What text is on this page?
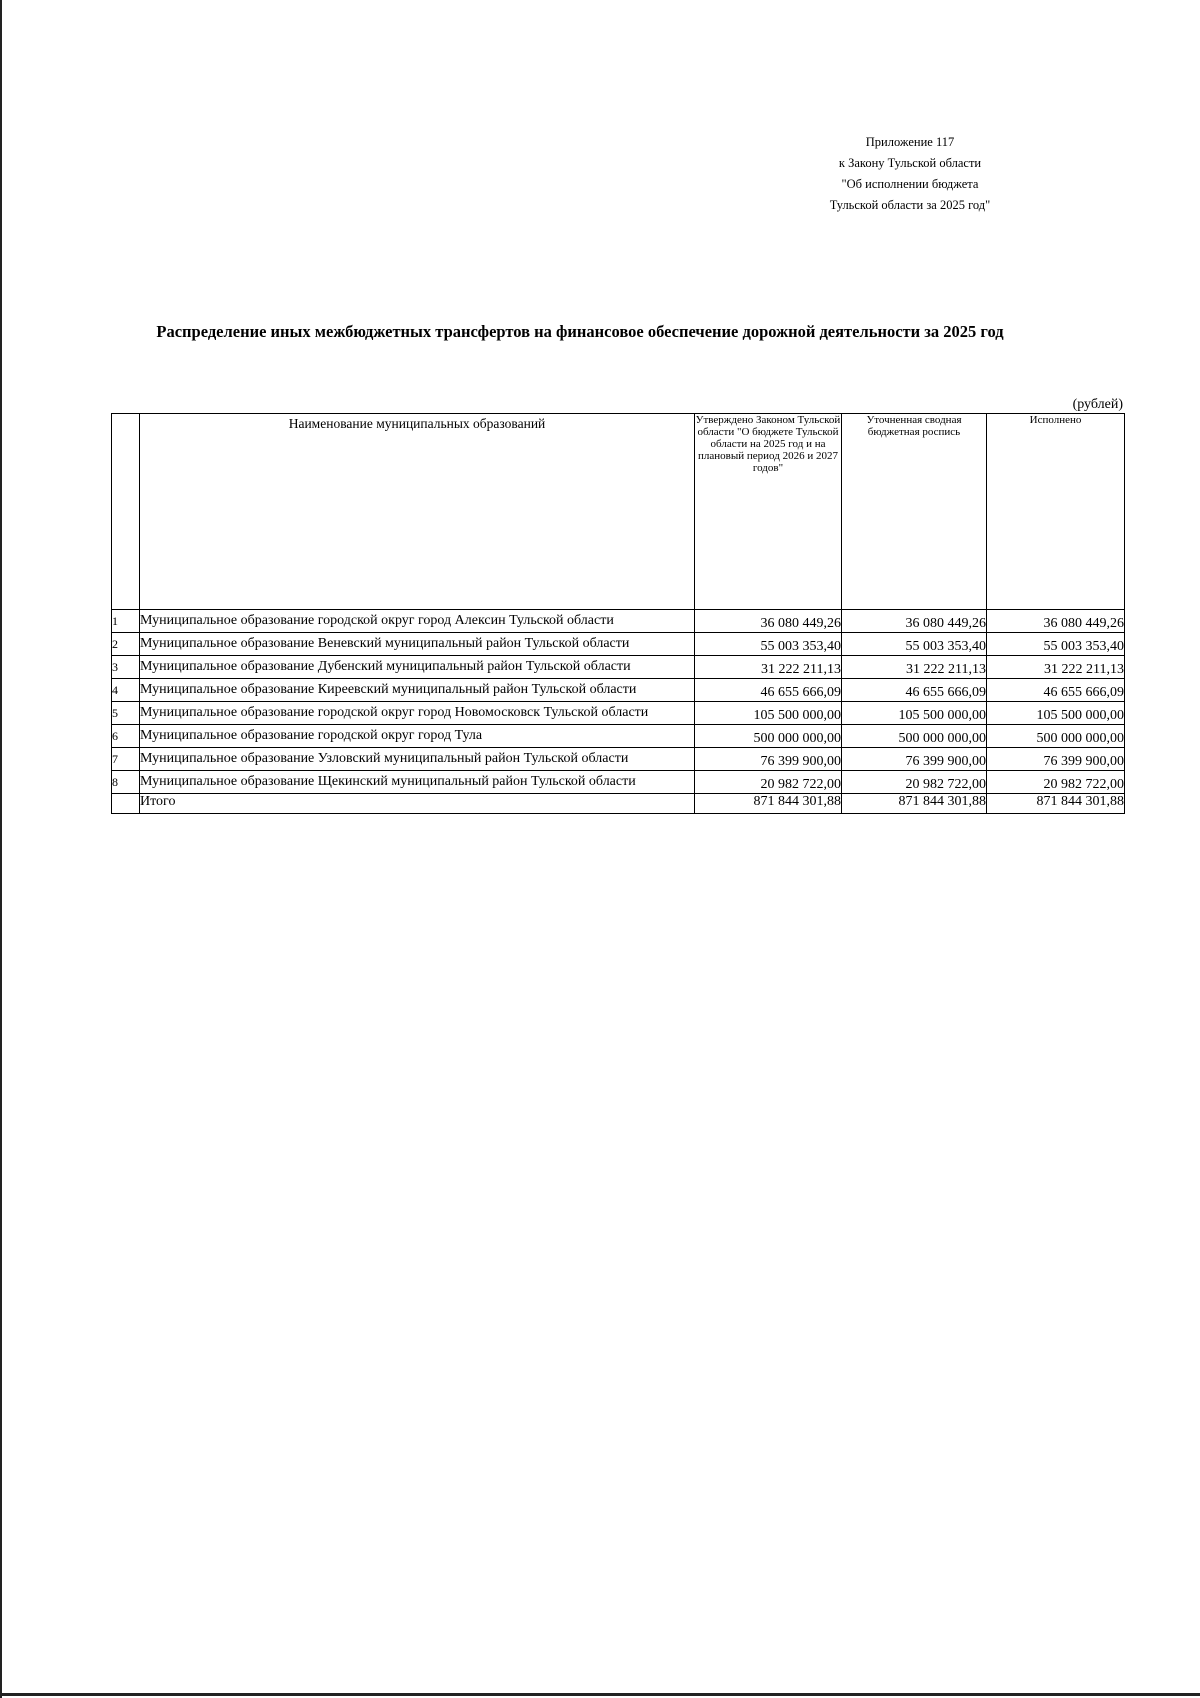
Приложение 117
к Закону Тульской области
"Об исполнении бюджета
Тульской области за 2025 год"
Распределение иных межбюджетных трансфертов на финансовое обеспечение дорожной деятельности за 2025 год
(рублей)
	Наименование муниципальных образований	Утверждено Законом Тульской области "О бюджете Тульской области на 2025 год и на плановый период 2026 и 2027 годов"	Уточненная сводная бюджетная роспись	Исполнено
1	Муниципальное образование городской округ город Алексин Тульской области	36 080 449,26	36 080 449,26	36 080 449,26
2	Муниципальное образование Веневский муниципальный район Тульской области	55 003 353,40	55 003 353,40	55 003 353,40
3	Муниципальное образование Дубенский муниципальный район Тульской области	31 222 211,13	31 222 211,13	31 222 211,13
4	Муниципальное образование Киреевский муниципальный район Тульской области	46 655 666,09	46 655 666,09	46 655 666,09
5	Муниципальное образование городской округ город Новомосковск Тульской области	105 500 000,00	105 500 000,00	105 500 000,00
6	Муниципальное образование городской округ город Тула	500 000 000,00	500 000 000,00	500 000 000,00
7	Муниципальное образование Узловский муниципальный район Тульской области	76 399 900,00	76 399 900,00	76 399 900,00
8	Муниципальное образование Щекинский муниципальный район Тульской области	20 982 722,00	20 982 722,00	20 982 722,00
	Итого	871 844 301,88	871 844 301,88	871 844 301,88
